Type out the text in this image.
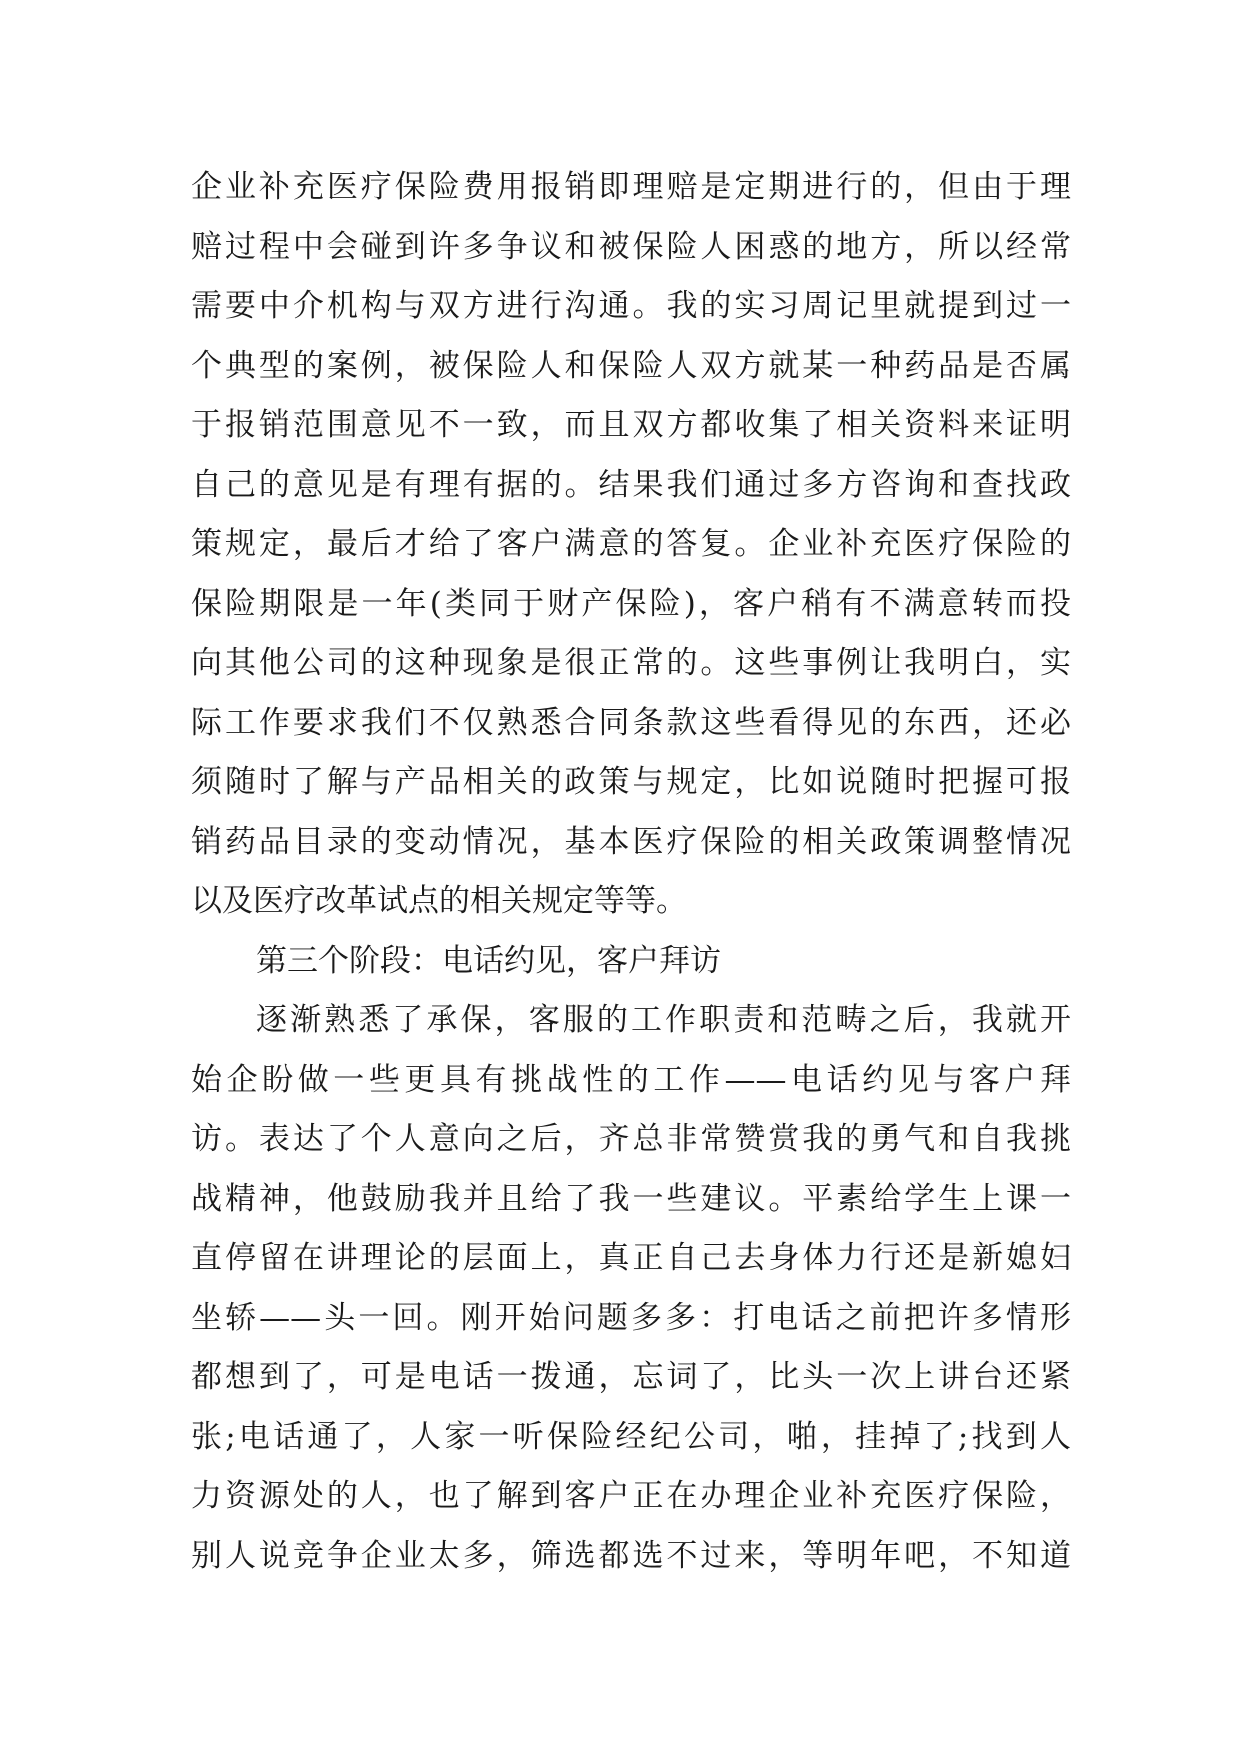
企业补充医疗保险费用报销即理赔是定期进行的，但由于理
赔过程中会碰到许多争议和被保险人困惑的地方，所以经常
需要中介机构与双方进行沟通。我的实习周记里就提到过一
个典型的案例，被保险人和保险人双方就某一种药品是否属
于报销范围意见不一致，而且双方都收集了相关资料来证明
自己的意见是有理有据的。结果我们通过多方咨询和查找政
策规定，最后才给了客户满意的答复。企业补充医疗保险的
保险期限是一年(类同于财产保险)，客户稍有不满意转而投
向其他公司的这种现象是很正常的。这些事例让我明白，实
际工作要求我们不仅熟悉合同条款这些看得见的东西，还必
须随时了解与产品相关的政策与规定，比如说随时把握可报
销药品目录的变动情况，基本医疗保险的相关政策调整情况
以及医疗改革试点的相关规定等等。
第三个阶段：电话约见，客户拜访
逐渐熟悉了承保，客服的工作职责和范畴之后，我就开
始企盼做一些更具有挑战性的工作——电话约见与客户拜
访。表达了个人意向之后，齐总非常赞赏我的勇气和自我挑
战精神，他鼓励我并且给了我一些建议。平素给学生上课一
直停留在讲理论的层面上，真正自己去身体力行还是新媳妇
坐轿——头一回。刚开始问题多多：打电话之前把许多情形
都想到了，可是电话一拨通，忘词了，比头一次上讲台还紧
张;电话通了，人家一听保险经纪公司，啪，挂掉了;找到人
力资源处的人，也了解到客户正在办理企业补充医疗保险，
别人说竞争企业太多，筛选都选不过来，等明年吧，不知道
